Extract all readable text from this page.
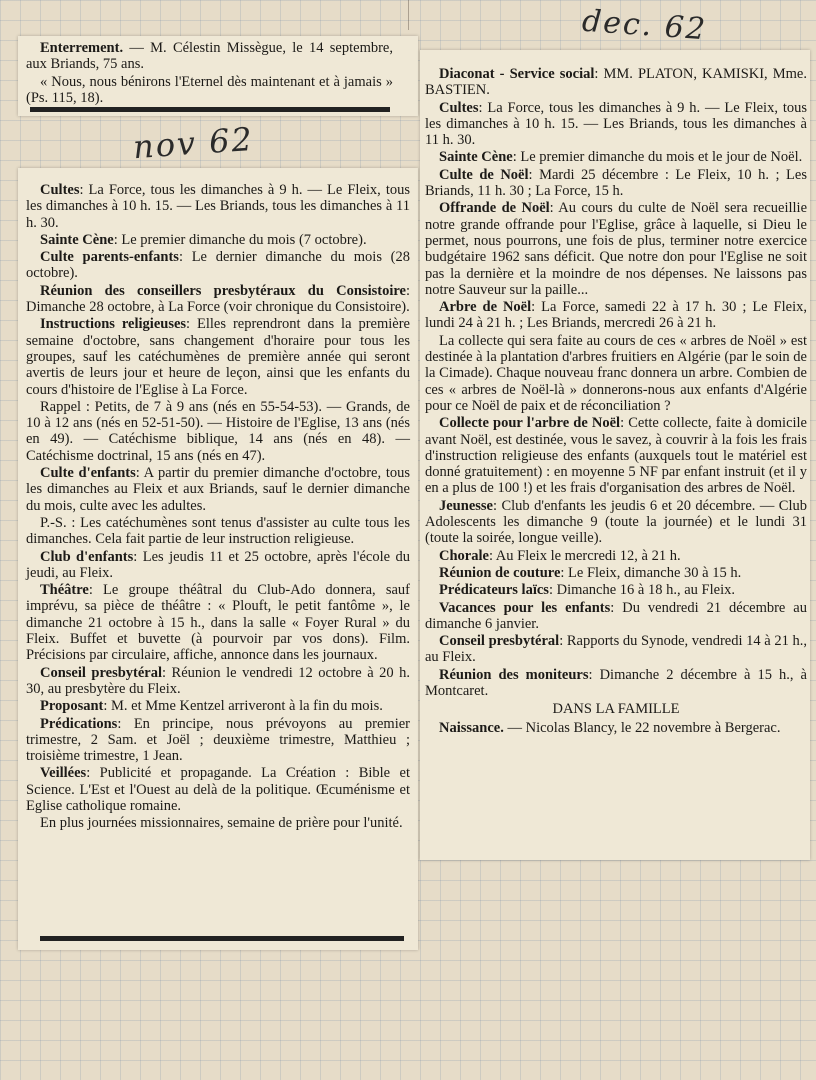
dec. 62
nov 62

Enterrement. — M. Célestin Missègue, le 14 septembre, aux Briands, 75 ans.

« Nous, nous bénirons l'Eternel dès maintenant et à jamais » (Ps. 115, 18).

Cultes: La Force, tous les dimanches à 9 h. — Le Fleix, tous les dimanches à 10 h. 15. — Les Briands, tous les dimanches à 11 h. 30.

Sainte Cène: Le premier dimanche du mois (7 octobre).

Culte parents-enfants: Le dernier dimanche du mois (28 octobre).

Réunion des conseillers presbytéraux du Consistoire: Dimanche 28 octobre, à La Force (voir chronique du Consistoire).

Instructions religieuses: Elles reprendront dans la première semaine d'octobre, sans changement d'horaire pour tous les groupes, sauf les catéchumènes de première année qui seront avertis de leurs jour et heure de leçon, ainsi que les enfants du cours d'histoire de l'Eglise à La Force.

Rappel : Petits, de 7 à 9 ans (nés en 55-54-53). — Grands, de 10 à 12 ans (nés en 52-51-50). — Histoire de l'Eglise, 13 ans (nés en 49). — Catéchisme biblique, 14 ans (nés en 48). — Catéchisme doctrinal, 15 ans (nés en 47).

Culte d'enfants: A partir du premier dimanche d'octobre, tous les dimanches au Fleix et aux Briands, sauf le dernier dimanche du mois, culte avec les adultes.

P.-S. : Les catéchumènes sont tenus d'assister au culte tous les dimanches. Cela fait partie de leur instruction religieuse.

Club d'enfants: Les jeudis 11 et 25 octobre, après l'école du jeudi, au Fleix.

Théâtre: Le groupe théâtral du Club-Ado donnera, sauf imprévu, sa pièce de théâtre : « Plouft, le petit fantôme », le dimanche 21 octobre à 15 h., dans la salle « Foyer Rural » du Fleix. Buffet et buvette (à pourvoir par vos dons). Film. Précisions par circulaire, affiche, annonce dans les journaux.

Conseil presbytéral: Réunion le vendredi 12 octobre à 20 h. 30, au presbytère du Fleix.

Proposant: M. et Mme Kentzel arriveront à la fin du mois.

Prédications: En principe, nous prévoyons au premier trimestre, 2 Sam. et Joël ; deuxième trimestre, Matthieu ; troisième trimestre, 1 Jean.

Veillées: Publicité et propagande. La Création : Bible et Science. L'Est et l'Ouest au delà de la politique. Œcuménisme et Eglise catholique romaine.

En plus journées missionnaires, semaine de prière pour l'unité.

Diaconat - Service social: MM. PLATON, KAMISKI, Mme. BASTIEN.

Cultes: La Force, tous les dimanches à 9 h. — Le Fleix, tous les dimanches à 10 h. 15. — Les Briands, tous les dimanches à 11 h. 30.

Sainte Cène: Le premier dimanche du mois et le jour de Noël.

Culte de Noël: Mardi 25 décembre : Le Fleix, 10 h. ; Les Briands, 11 h. 30 ; La Force, 15 h.

Offrande de Noël: Au cours du culte de Noël sera recueillie notre grande offrande pour l'Eglise, grâce à laquelle, si Dieu le permet, nous pourrons, une fois de plus, terminer notre exercice budgétaire 1962 sans déficit. Que notre don pour l'Eglise ne soit pas la dernière et la moindre de nos dépenses. Ne laissons pas notre Sauveur sur la paille...

Arbre de Noël: La Force, samedi 22 à 17 h. 30 ; Le Fleix, lundi 24 à 21 h. ; Les Briands, mercredi 26 à 21 h.

La collecte qui sera faite au cours de ces « arbres de Noël » est destinée à la plantation d'arbres fruitiers en Algérie (par le soin de la Cimade). Chaque nouveau franc donnera un arbre. Combien de ces « arbres de Noël-là » donnerons-nous aux enfants d'Algérie pour ce Noël de paix et de réconciliation ?

Collecte pour l'arbre de Noël: Cette collecte, faite à domicile avant Noël, est destinée, vous le savez, à couvrir à la fois les frais d'instruction religieuse des enfants (auxquels tout le matériel est donné gratuitement) : en moyenne 5 NF par enfant instruit (et il y en a plus de 100 !) et les frais d'organisation des arbres de Noël.

Jeunesse: Club d'enfants les jeudis 6 et 20 décembre. — Club Adolescents les dimanche 9 (toute la journée) et le lundi 31 (toute la soirée, longue veille).

Chorale: Au Fleix le mercredi 12, à 21 h.

Réunion de couture: Le Fleix, dimanche 30 à 15 h.

Prédicateurs laïcs: Dimanche 16 à 18 h., au Fleix.

Vacances pour les enfants: Du vendredi 21 décembre au dimanche 6 janvier.

Conseil presbytéral: Rapports du Synode, vendredi 14 à 21 h., au Fleix.

Réunion des moniteurs: Dimanche 2 décembre à 15 h., à Montcaret.

DANS LA FAMILLE

Naissance. — Nicolas Blancy, le 22 novembre à Bergerac.
